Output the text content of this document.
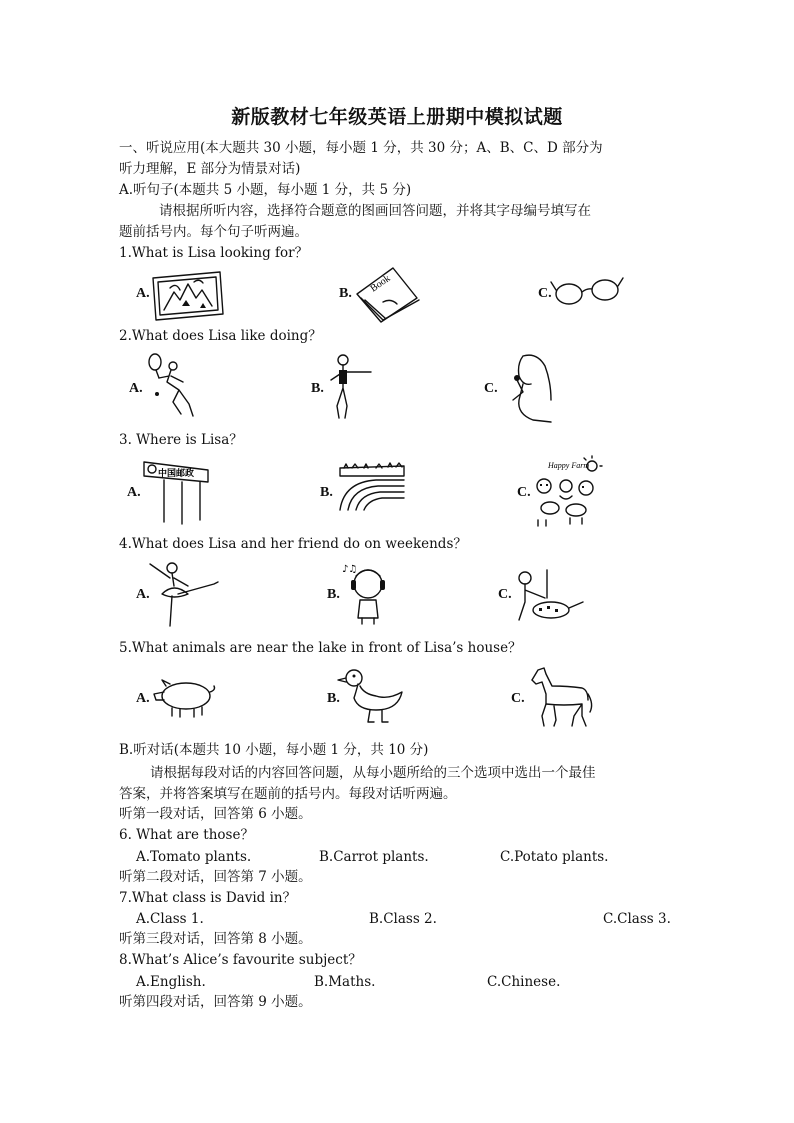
新版教材七年级英语上册期中模拟试题
一、听说应用(本大题共 30 小题，每小题 1 分，共 30 分；A、B、C、D 部分为
听力理解，E 部分为情景对话)
A.听句子(本题共 5 小题，每小题 1 分，共 5 分)
请根据所听内容，选择符合题意的图画回答问题，并将其字母编号填写在
题前括号内。每个句子听两遍。
1.What is Lisa looking for？
A.	B.	C.
Book
2.What does Lisa like doing？
A.	B.	C.
3. Where is Lisa？
A.	B.	C.
中国邮政
Happy Farm
4.What does Lisa and her friend do on weekends？
A.	B.	C.
♪♫
5.What animals are near the lake in front of Lisa’s house？
A.	B.	C.
B.听对话(本题共 10 小题，每小题 1 分，共 10 分)
请根据每段对话的内容回答问题，从每小题所给的三个选项中选出一个最佳
答案，并将答案填写在题前的括号内。每段对话听两遍。
听第一段对话，回答第 6 小题。
6. What are those？
A.Tomato plants.	B.Carrot plants.	C.Potato plants.
听第二段对话，回答第 7 小题。
7.What class is David in？
A.Class 1.	B.Class 2.	C.Class 3.
听第三段对话，回答第 8 小题。
8.What’s Alice’s favourite subject？
A.English.	B.Maths.	C.Chinese.
听第四段对话，回答第 9 小题。
